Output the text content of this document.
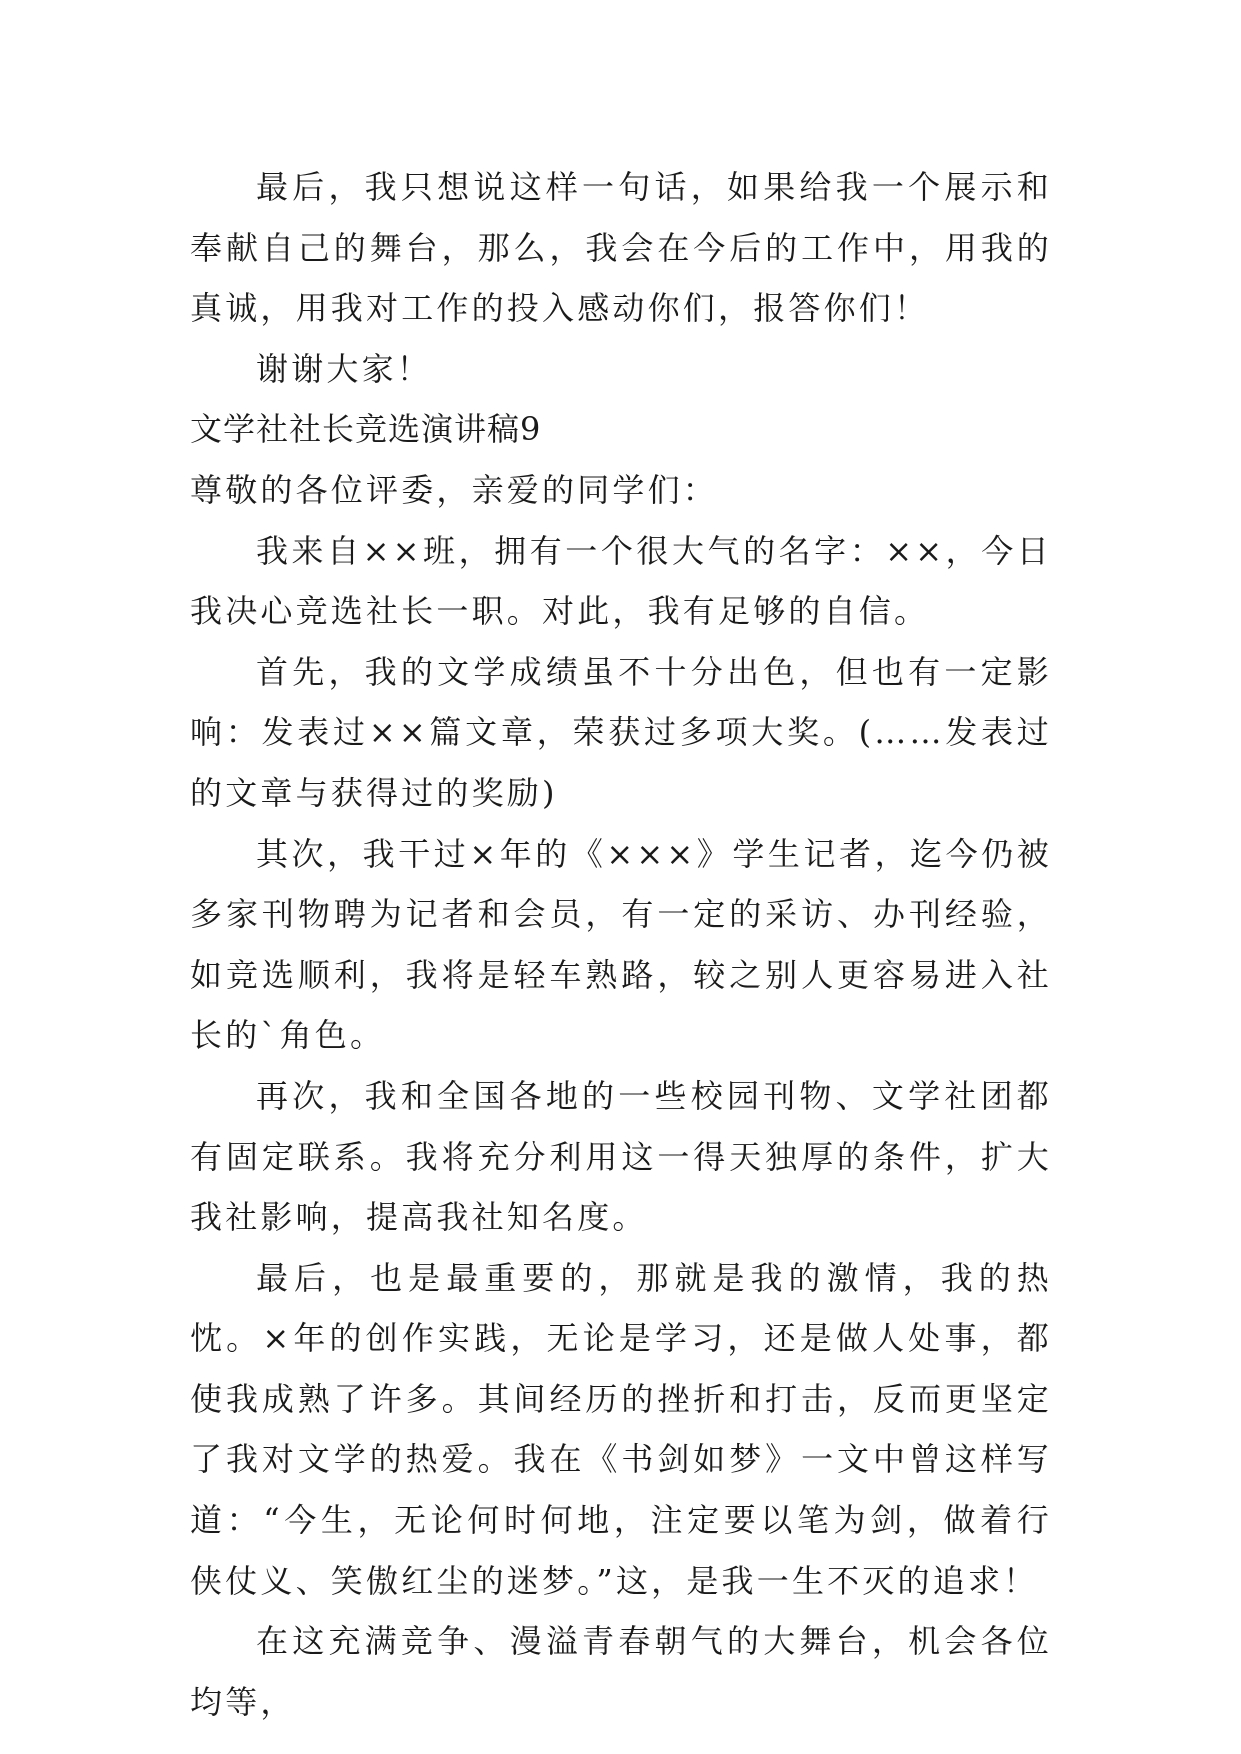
最后，我只想说这样一句话，如果给我一个展示和奉献自己的舞台，那么，我会在今后的工作中，用我的真诚，用我对工作的投入感动你们，报答你们！

谢谢大家！

文学社社长竞选演讲稿9

尊敬的各位评委，亲爱的同学们：

我来自××班，拥有一个很大气的名字：××，今日我决心竞选社长一职。对此，我有足够的自信。

首先，我的文学成绩虽不十分出色，但也有一定影响：发表过××篇文章，荣获过多项大奖。(……发表过的文章与获得过的奖励)

其次，我干过×年的《×××》学生记者，迄今仍被多家刊物聘为记者和会员，有一定的采访、办刊经验，如竞选顺利，我将是轻车熟路，较之别人更容易进入社长的`角色。

再次，我和全国各地的一些校园刊物、文学社团都有固定联系。我将充分利用这一得天独厚的条件，扩大我社影响，提高我社知名度。

最后，也是最重要的，那就是我的激情，我的热忱。×年的创作实践，无论是学习，还是做人处事，都使我成熟了许多。其间经历的挫折和打击，反而更坚定了我对文学的热爱。我在《书剑如梦》一文中曾这样写道：“今生，无论何时何地，注定要以笔为剑，做着行侠仗义、笑傲红尘的迷梦。”这，是我一生不灭的追求！

在这充满竞争、漫溢青春朝气的大舞台，机会各位均等，
